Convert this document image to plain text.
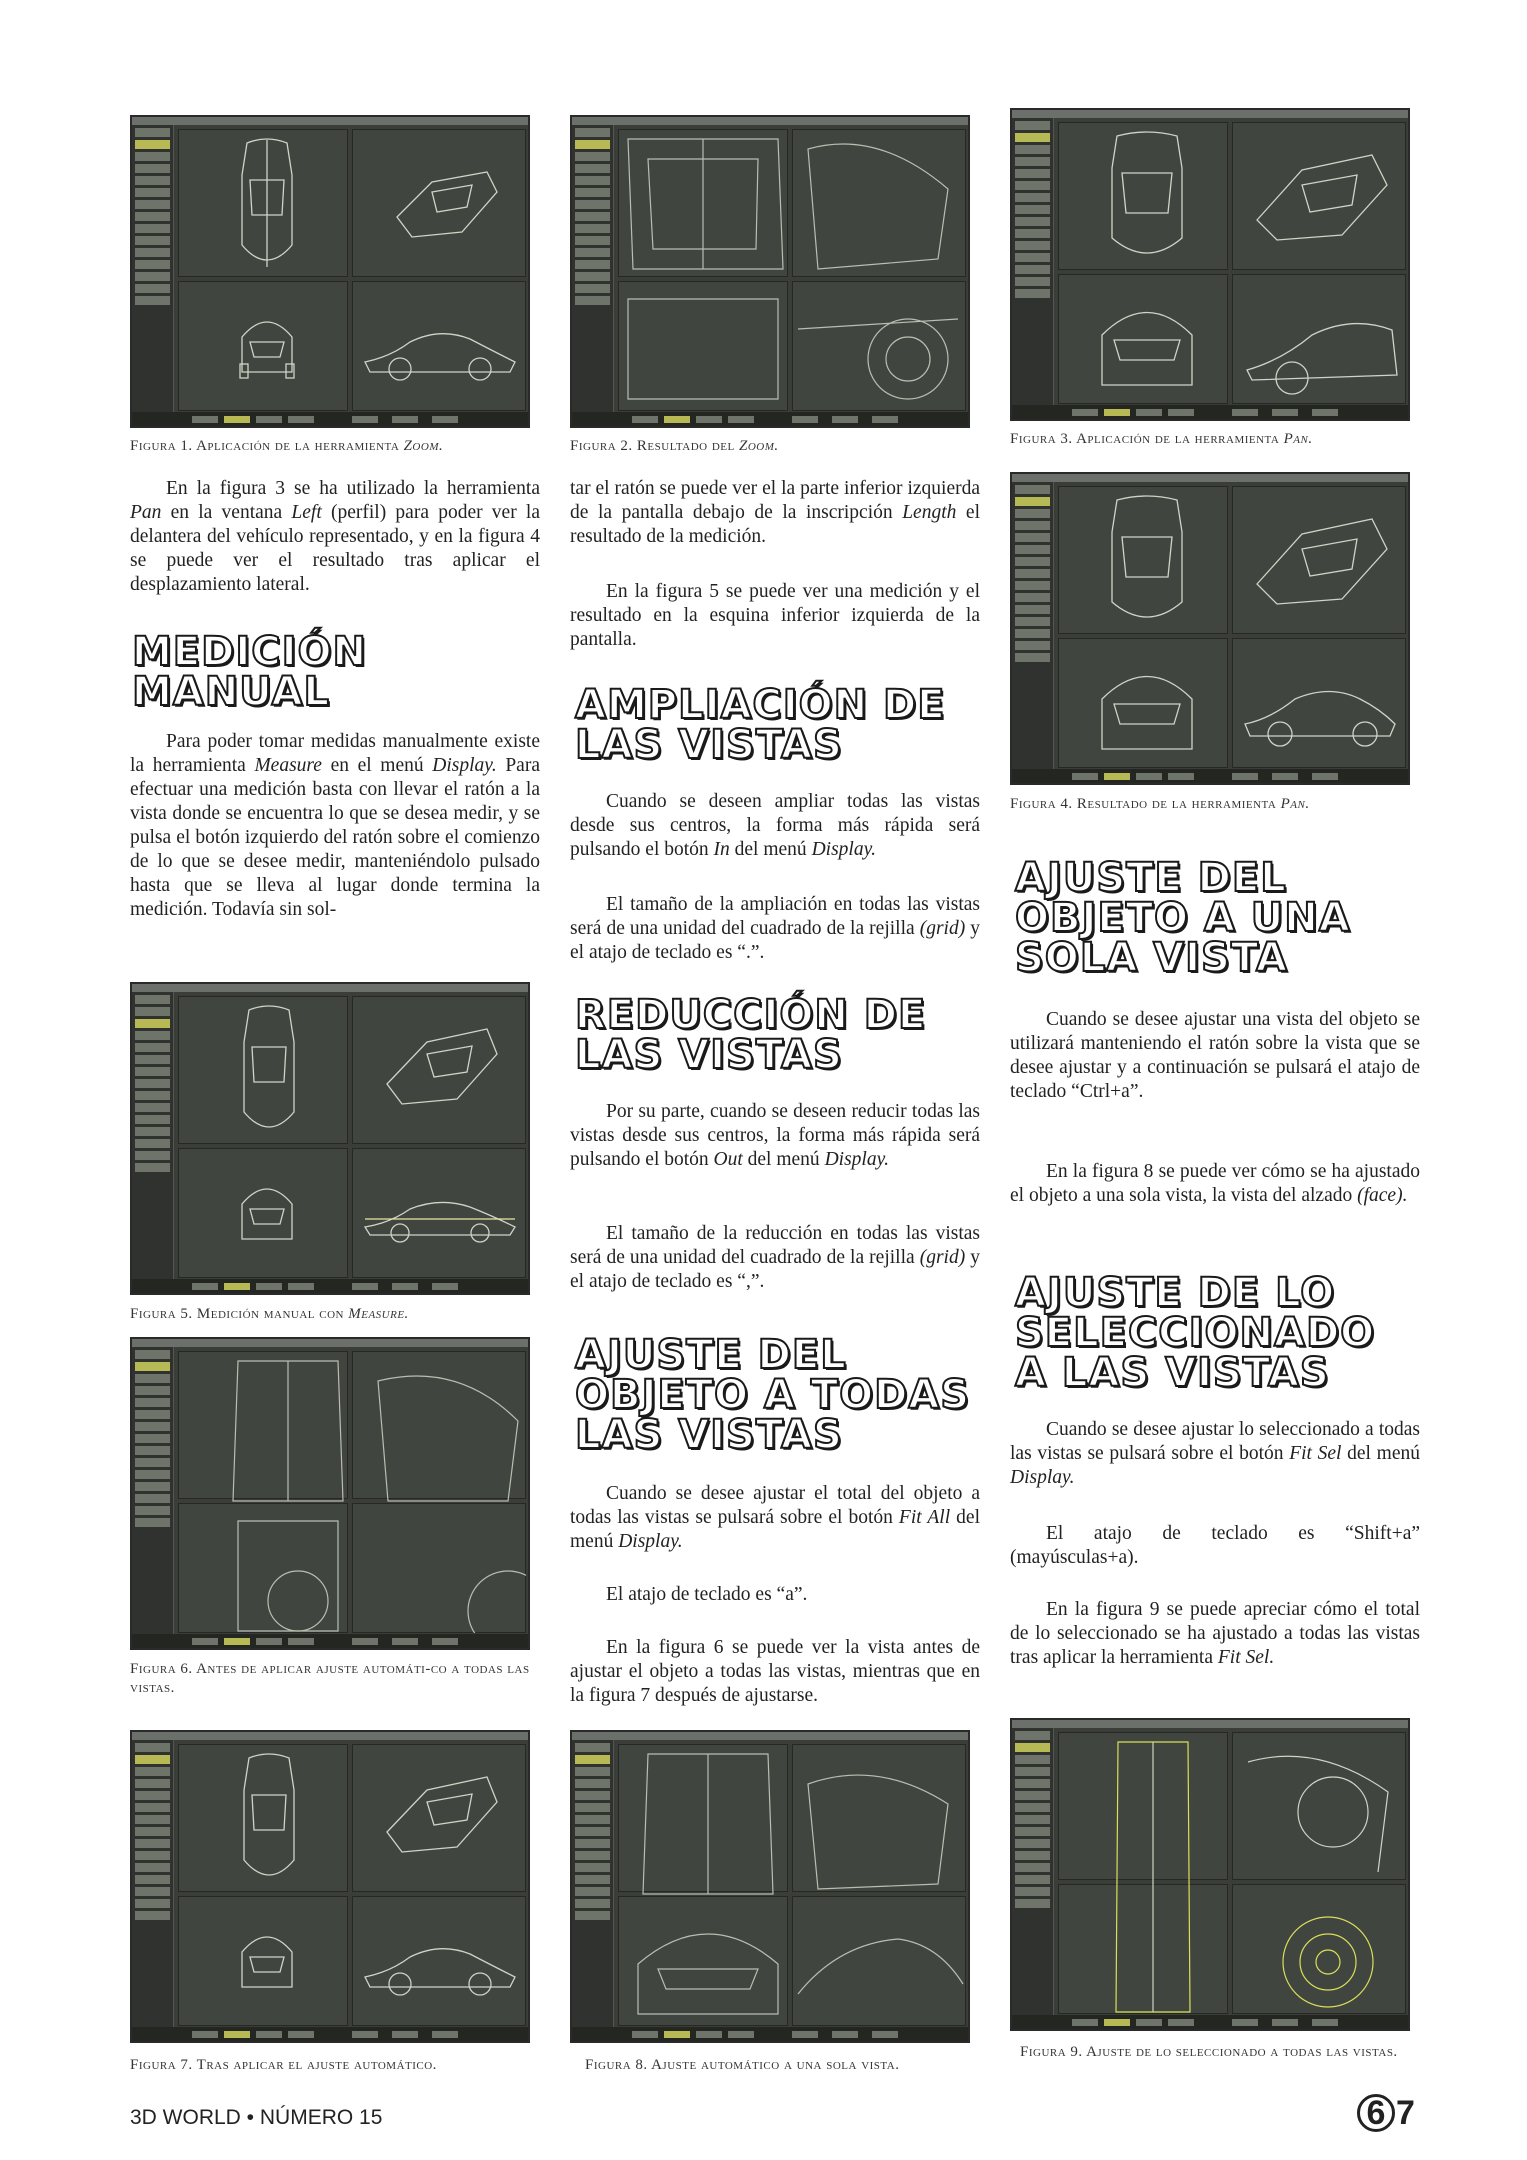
Figura 1. Aplicación de la herramienta Zoom.	Figura 2. Resultado del Zoom.	Figura 3. Aplicación de la herramienta Pan.
Figura 4. Resultado de la herramienta Pan.
Figura 5. Medición manual con Measure.
Figura 6. Antes de aplicar ajuste automáti-co a todas las vistas.
Figura 7. Tras aplicar el ajuste automático.	Figura 8. Ajuste automático a una sola vista.
Figura 9. Ajuste de lo seleccionado a todas las vistas.

En la figura 3 se ha utilizado la herramienta Pan en la ventana Left (perfil) para poder ver la delantera del vehículo representado, y en la figura 4 se puede ver el resultado tras aplicar el desplazamiento lateral.

MEDICIÓN MANUAL

Para poder tomar medidas manualmente existe la herramienta Measure en el menú Display. Para efectuar una medición basta con llevar el ratón a la vista donde se encuentra lo que se desea medir, y se pulsa el botón izquierdo del ratón sobre el comienzo de lo que se desee medir, manteniéndolo pulsado hasta que se lleva al lugar donde termina la medición. Todavía sin sol-

tar el ratón se puede ver el la parte inferior izquierda de la pantalla debajo de la inscripción Length el resultado de la medición.

En la figura 5 se puede ver una medición y el resultado en la esquina inferior izquierda de la pantalla.

AMPLIACIÓN DE LAS VISTAS

Cuando se deseen ampliar todas las vistas desde sus centros, la forma más rápida será pulsando el botón In del menú Display.

El tamaño de la ampliación en todas las vistas será de una unidad del cuadrado de la rejilla (grid) y el atajo de teclado es “.”.

REDUCCIÓN DE LAS VISTAS

Por su parte, cuando se deseen reducir todas las vistas desde sus centros, la forma más rápida será pulsando el botón Out del menú Display.

El tamaño de la reducción en todas las vistas será de una unidad del cuadrado de la rejilla (grid) y el atajo de teclado es “,”.

AJUSTE DEL OBJETO A TODAS LAS VISTAS

Cuando se desee ajustar el total del objeto a todas las vistas se pulsará sobre el botón Fit All del menú Display.

El atajo de teclado es “a”.

En la figura 6 se puede ver la vista antes de ajustar el objeto a todas las vistas, mientras que en la figura 7 después de ajustarse.

AJUSTE DEL OBJETO A UNA SOLA VISTA

Cuando se desee ajustar una vista del objeto se utilizará manteniendo el ratón sobre la vista que se desee ajustar y a continuación se pulsará el atajo de teclado “Ctrl+a”.

En la figura 8 se puede ver cómo se ha ajustado el objeto a una sola vista, la vista del alzado (face).

AJUSTE DE LO SELECCIONADO A LAS VISTAS

Cuando se desee ajustar lo seleccionado a todas las vistas se pulsará sobre el botón Fit Sel del menú Display.

El atajo de teclado es “Shift+a” (mayúsculas+a).

En la figura 9 se puede apreciar cómo el total de lo seleccionado se ha ajustado a todas las vistas tras aplicar la herramienta Fit Sel.

3D WORLD • NÚMERO 15	6 7
